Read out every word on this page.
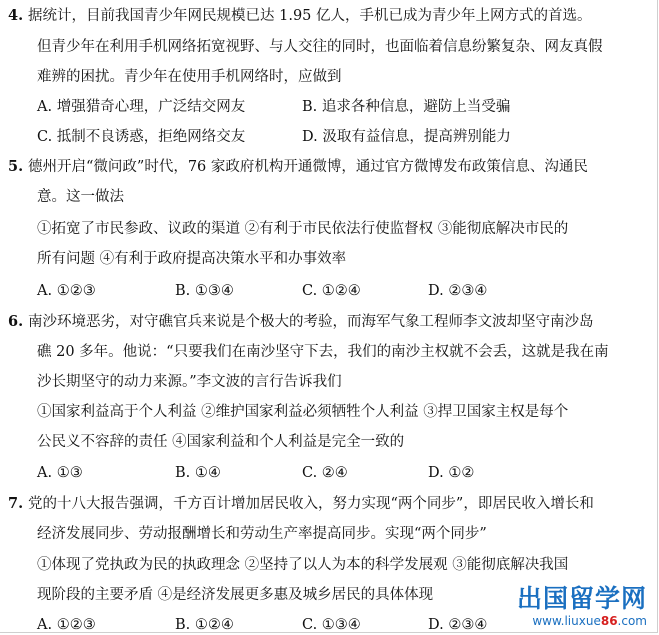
4. 据统计，目前我国青少年网民规模已达 1.95 亿人，手机已成为青少年上网方式的首选。
但青少年在利用手机网络拓宽视野、与人交往的同时，也面临着信息纷繁复杂、网友真假
难辨的困扰。青少年在使用手机网络时，应做到
A. 增强猎奇心理，广泛结交网友	B. 追求各种信息，避防上当受骗
C. 抵制不良诱惑，拒绝网络交友	D. 汲取有益信息，提高辨别能力
5. 德州开启“微问政”时代，76 家政府机构开通微博，通过官方微博发布政策信息、沟通民
意。这一做法
①拓宽了市民参政、议政的渠道 ②有利于市民依法行使监督权 ③能彻底解决市民的
所有问题 ④有利于政府提高决策水平和办事效率
A. ①②③	B. ①③④	C. ①②④	D. ②③④
6. 南沙环境恶劣，对守礁官兵来说是个极大的考验，而海军气象工程师李文波却坚守南沙岛
礁 20 多年。他说：“只要我们在南沙坚守下去，我们的南沙主权就不会丢，这就是我在南
沙长期坚守的动力来源。”李文波的言行告诉我们
①国家利益高于个人利益 ②维护国家利益必须牺牲个人利益 ③捍卫国家主权是每个
公民义不容辞的责任 ④国家利益和个人利益是完全一致的
A. ①③	B. ①④	C. ②④	D. ①②
7. 党的十八大报告强调，千方百计增加居民收入，努力实现“两个同步”，即居民收入增长和
经济发展同步、劳动报酬增长和劳动生产率提高同步。实现“两个同步”
①体现了党执政为民的执政理念 ②坚持了以人为本的科学发展观 ③能彻底解决我国
现阶段的主要矛盾 ④是经济发展更多惠及城乡居民的具体体现
A. ①②③	B. ①②④	C. ①③④	D. ②③④
出国留学网
www.liuxue86.com
